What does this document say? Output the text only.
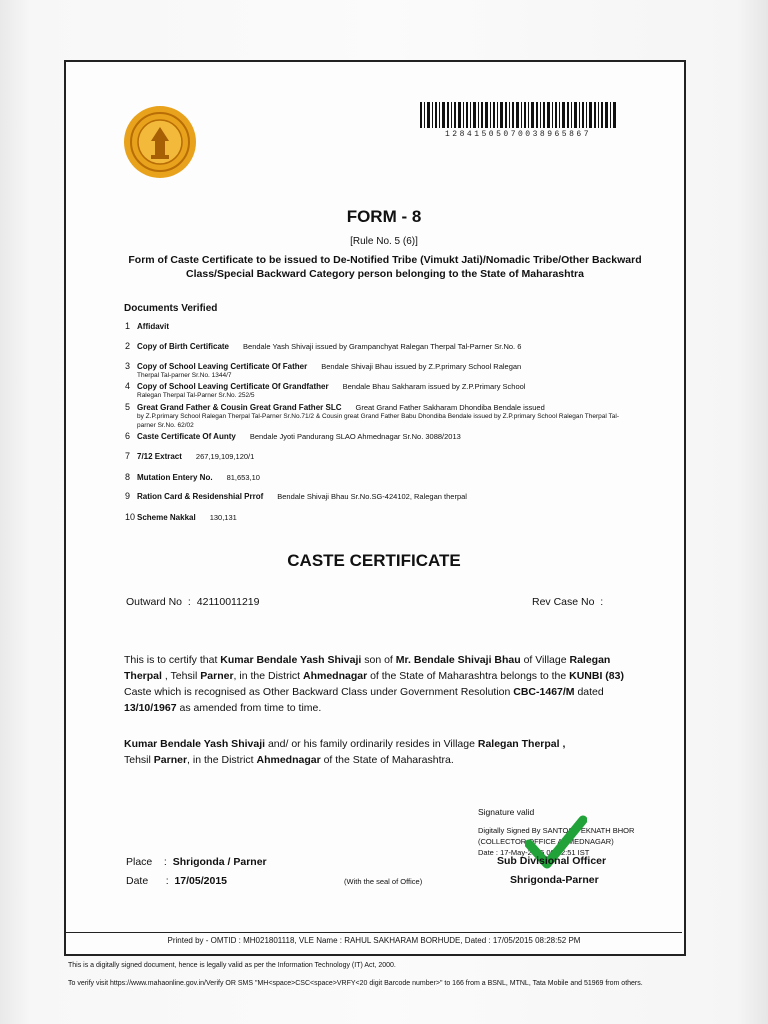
12841505070038965867
FORM - 8
[Rule No. 5 (6)]
Form of Caste Certificate to be issued to De-Notified Tribe (Vimukt Jati)/Nomadic Tribe/Other Backward Class/Special Backward Category person belonging to the State of Maharashtra
Documents Verified
1 Affidavit
2 Copy of Birth Certificate Bendale Yash Shivaji issued by Grampanchyat Ralegan Therpal Tal-Parner Sr.No. 6
3 Copy of School Leaving Certificate Of Father Bendale Shivaji Bhau issued by Z.P.primary School Ralegan
Therpal Tal-parner Sr.No. 1344/7
4 Copy of School Leaving Certificate Of Grandfather Bendale Bhau Sakharam issued by Z.P.Primary School
Ralegan Therpal Tal-Parner Sr.No. 252/5
5 Great Grand Father & Cousin Great Grand Father SLC Great Grand Father Sakharam Dhondiba Bendale issued
by Z.P.primary School Ralegan Therpal Tal-Parner Sr.No.71/2 & Cousin great Grand Father Babu Dhondiba Bendale issued by Z.P.primary School Ralegan Therpal Tal-parner Sr.No. 62/02
6 Caste Certificate Of Aunty Bendale Jyoti Pandurang SLAO Ahmednagar Sr.No. 3088/2013
7 7/12 Extract 267,19,109,120/1
8 Mutation Entery No. 81,653,10
9 Ration Card & Residenshial Prrof Bendale Shivaji Bhau Sr.No.SG-424102, Ralegan therpal
10 Scheme Nakkal 130,131
CASTE CERTIFICATE
Outward No  : 42110011219	Rev Case No  :
This is to certify that Kumar Bendale Yash Shivaji son of Mr. Bendale Shivaji Bhau of Village Ralegan Therpal , Tehsil Parner, in the District Ahmednagar of the State of Maharashtra belongs to the KUNBI (83) Caste which is recognised as Other Backward Class under Government Resolution CBC-1467/M dated 13/10/1967 as amended from time to time.
Kumar Bendale Yash Shivaji and/ or his family ordinarily resides in Village Ralegan Therpal ,
Tehsil Parner, in the District Ahmednagar of the State of Maharashtra.
Signature valid
Digitally Signed By SANTOSH EKNATH BHOR
(COLLECTOR OFFICE AHMEDNAGAR)
Date : 17-May-2015 00:22:51 IST
Sub Divisional Officer
Shrigonda-Parner
Place    :  Shrigonda / Parner
Date      :  17/05/2015	(With the seal of Office)
Printed by - OMTID : MH021801118, VLE Name : RAHUL SAKHARAM BORHUDE, Dated : 17/05/2015 08:28:52 PM
This is a digitally signed document, hence is legally valid as per the Information Technology (IT) Act, 2000.
To verify visit https://www.mahaonline.gov.in/Verify OR SMS "MH<space>CSC<space>VRFY<20 digit Barcode number>" to 166 from a BSNL, MTNL, Tata Mobile and 51969 from others.
